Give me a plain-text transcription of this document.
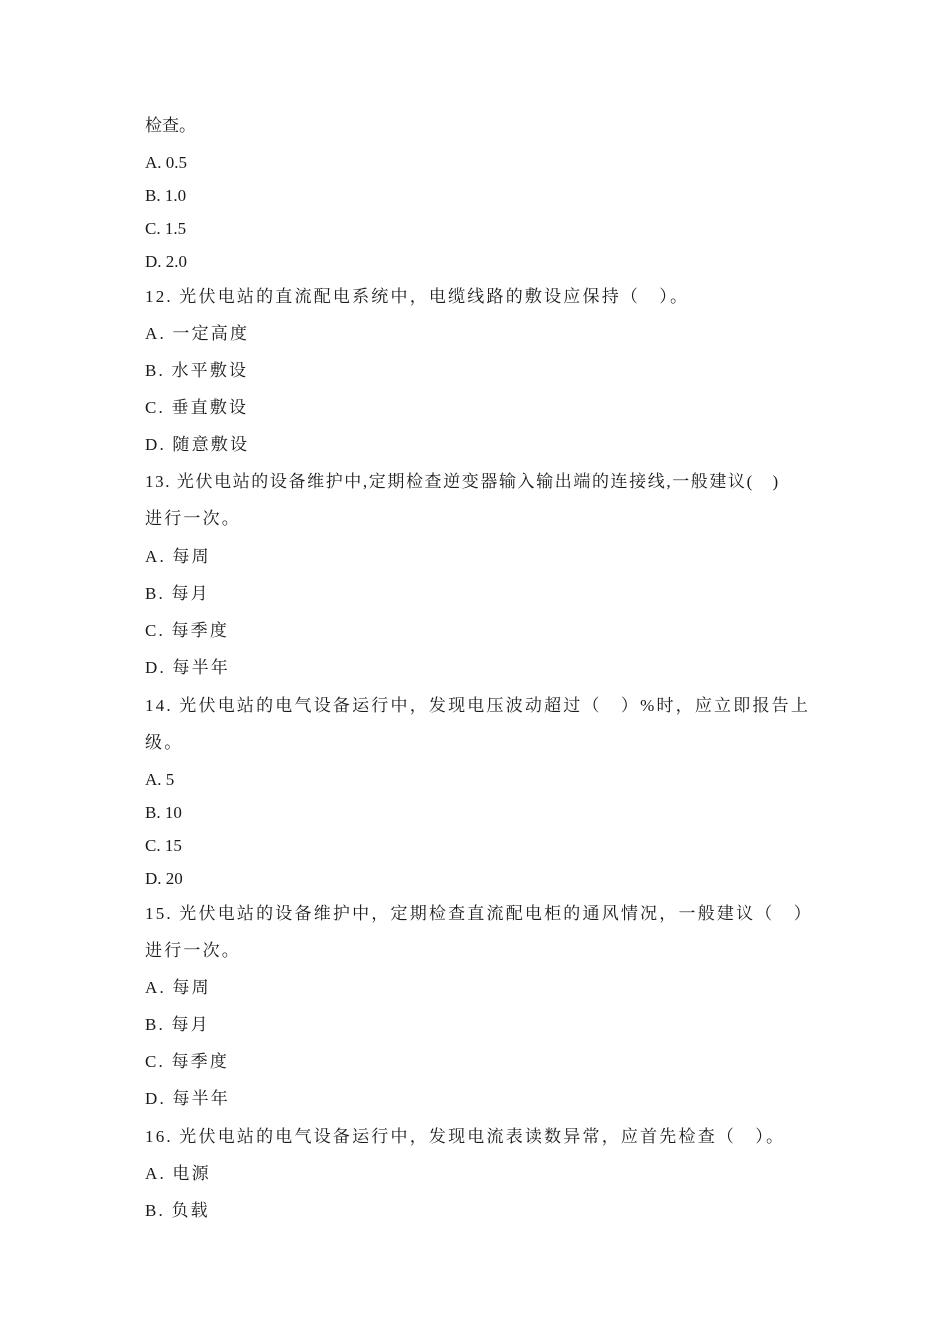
检查。
A. 0.5
B. 1.0
C. 1.5
D. 2.0
12. 光伏电站的直流配电系统中，电缆线路的敷设应保持（　）。
A. 一定高度
B. 水平敷设
C. 垂直敷设
D. 随意敷设
13. 光伏电站的设备维护中,定期检查逆变器输入输出端的连接线,一般建议(　)
进行一次。
A. 每周
B. 每月
C. 每季度
D. 每半年
14. 光伏电站的电气设备运行中，发现电压波动超过（　）%时，应立即报告上
级。
A. 5
B. 10
C. 15
D. 20
15. 光伏电站的设备维护中，定期检查直流配电柜的通风情况，一般建议（　）
进行一次。
A. 每周
B. 每月
C. 每季度
D. 每半年
16. 光伏电站的电气设备运行中，发现电流表读数异常，应首先检查（　）。
A. 电源
B. 负载
